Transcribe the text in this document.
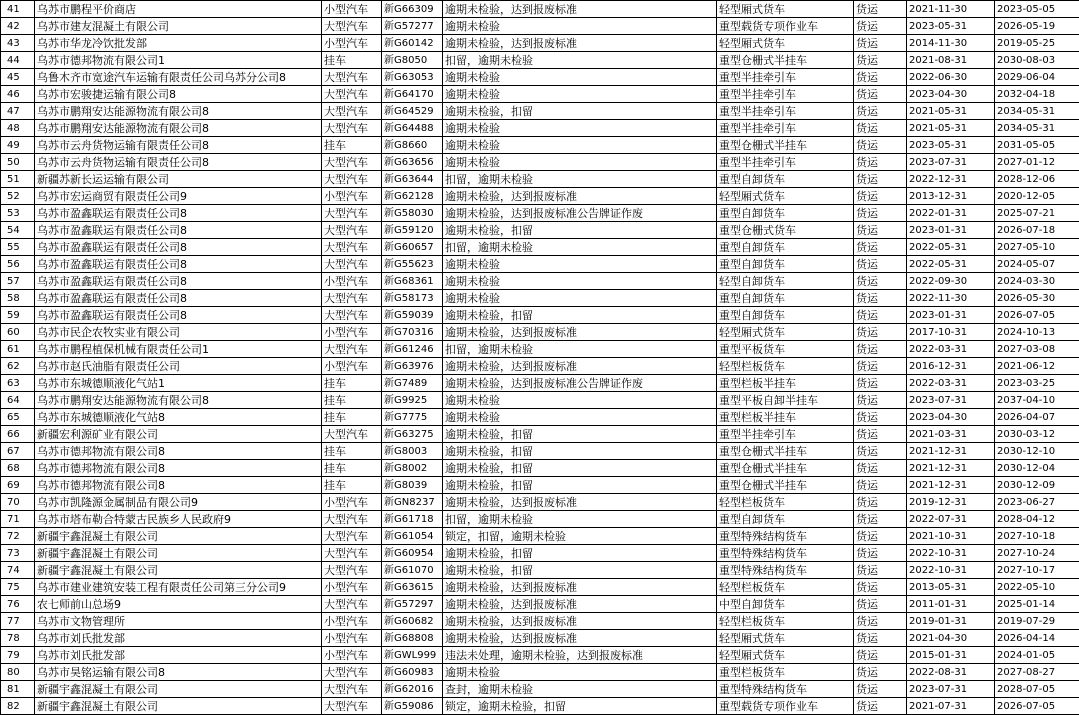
41	乌苏市鹏程平价商店	小型汽车	新G66309	逾期未检验，达到报废标准	轻型厢式货车	货运	2021-11-30	2023-05-05
42	乌苏市建友混凝土有限公司	大型汽车	新G57277	逾期未检验	重型载货专项作业车	货运	2023-05-31	2026-05-19
43	乌苏市华龙冷饮批发部	小型汽车	新G60142	逾期未检验，达到报废标准	轻型厢式货车	货运	2014-11-30	2019-05-25
44	乌苏市德邦物流有限公司1	挂车	新G8050	扣留，逾期未检验	重型仓栅式半挂车	货运	2021-08-31	2030-08-03
45	乌鲁木齐市宽途汽车运输有限责任公司乌苏分公司8	大型汽车	新G63053	逾期未检验	重型半挂牵引车	货运	2022-06-30	2029-06-04
46	乌苏市宏骏捷运输有限公司8	大型汽车	新G64170	逾期未检验	重型半挂牵引车	货运	2023-04-30	2032-04-18
47	乌苏市鹏翔安达能源物流有限公司8	大型汽车	新G64529	逾期未检验，扣留	重型半挂牵引车	货运	2021-05-31	2034-05-31
48	乌苏市鹏翔安达能源物流有限公司8	大型汽车	新G64488	逾期未检验	重型半挂牵引车	货运	2021-05-31	2034-05-31
49	乌苏市云舟货物运输有限责任公司8	挂车	新G8660	逾期未检验	重型仓栅式半挂车	货运	2023-05-31	2031-05-05
50	乌苏市云舟货物运输有限责任公司8	大型汽车	新G63656	逾期未检验	重型半挂牵引车	货运	2023-07-31	2027-01-12
51	新疆苏新长运运输有限公司	大型汽车	新G63644	扣留，逾期未检验	重型自卸货车	货运	2022-12-31	2028-12-06
52	乌苏市宏运商贸有限责任公司9	小型汽车	新G62128	逾期未检验，达到报废标准	轻型厢式货车	货运	2013-12-31	2020-12-05
53	乌苏市盈鑫联运有限责任公司8	大型汽车	新G58030	逾期未检验，达到报废标准公告牌证作废	重型自卸货车	货运	2022-01-31	2025-07-21
54	乌苏市盈鑫联运有限责任公司8	大型汽车	新G59120	逾期未检验，扣留	重型仓栅式货车	货运	2023-01-31	2026-07-18
55	乌苏市盈鑫联运有限责任公司8	大型汽车	新G60657	扣留，逾期未检验	重型自卸货车	货运	2022-05-31	2027-05-10
56	乌苏市盈鑫联运有限责任公司8	大型汽车	新G55623	逾期未检验	重型自卸货车	货运	2022-05-31	2024-05-07
57	乌苏市盈鑫联运有限责任公司8	小型汽车	新G68361	逾期未检验	轻型自卸货车	货运	2022-09-30	2024-03-30
58	乌苏市盈鑫联运有限责任公司8	大型汽车	新G58173	逾期未检验	重型自卸货车	货运	2022-11-30	2026-05-30
59	乌苏市盈鑫联运有限责任公司8	大型汽车	新G59039	逾期未检验，扣留	重型自卸货车	货运	2023-01-31	2026-07-05
60	乌苏市民企农牧实业有限公司	小型汽车	新G70316	逾期未检验，达到报废标准	轻型厢式货车	货运	2017-10-31	2024-10-13
61	乌苏市鹏程植保机械有限责任公司1	大型汽车	新G61246	扣留，逾期未检验	重型平板货车	货运	2022-03-31	2027-03-08
62	乌苏市赵氏油脂有限责任公司	小型汽车	新G63976	逾期未检验，达到报废标准	轻型栏板货车	货运	2016-12-31	2021-06-12
63	乌苏市东城德顺液化气站1	挂车	新G7489	逾期未检验，达到报废标准公告牌证作废	重型栏板半挂车	货运	2022-03-31	2023-03-25
64	乌苏市鹏翔安达能源物流有限公司8	挂车	新G9925	逾期未检验	重型平板自卸半挂车	货运	2023-07-31	2037-04-10
65	乌苏市东城德顺液化气站8	挂车	新G7775	逾期未检验	重型栏板半挂车	货运	2023-04-30	2026-04-07
66	新疆宏利源矿业有限公司	大型汽车	新G63275	逾期未检验，扣留	重型半挂牵引车	货运	2021-03-31	2030-03-12
67	乌苏市德邦物流有限公司8	挂车	新G8003	逾期未检验，扣留	重型仓栅式半挂车	货运	2021-12-31	2030-12-10
68	乌苏市德邦物流有限公司8	挂车	新G8002	逾期未检验，扣留	重型仓栅式半挂车	货运	2021-12-31	2030-12-04
69	乌苏市德邦物流有限公司8	挂车	新G8039	逾期未检验，扣留	重型仓栅式半挂车	货运	2021-12-31	2030-12-09
70	乌苏市凯隆源金属制品有限公司9	小型汽车	新GN8237	逾期未检验，达到报废标准	轻型栏板货车	货运	2019-12-31	2023-06-27
71	乌苏市塔布勒合特蒙古民族乡人民政府9	大型汽车	新G61718	扣留，逾期未检验	重型自卸货车	货运	2022-07-31	2028-04-12
72	新疆宇鑫混凝土有限公司	大型汽车	新G61054	锁定，扣留，逾期未检验	重型特殊结构货车	货运	2021-10-31	2027-10-18
73	新疆宇鑫混凝土有限公司	大型汽车	新G60954	逾期未检验，扣留	重型特殊结构货车	货运	2022-10-31	2027-10-24
74	新疆宇鑫混凝土有限公司	大型汽车	新G61070	逾期未检验，扣留	重型特殊结构货车	货运	2022-10-31	2027-10-17
75	乌苏市建业建筑安装工程有限责任公司第三分公司9	小型汽车	新G63615	逾期未检验，达到报废标准	轻型栏板货车	货运	2013-05-31	2022-05-10
76	农七师前山总场9	大型汽车	新G57297	逾期未检验，达到报废标准	中型自卸货车	货运	2011-01-31	2025-01-14
77	乌苏市文物管理所	小型汽车	新G60682	逾期未检验，达到报废标准	轻型栏板货车	货运	2019-01-31	2019-07-29
78	乌苏市刘氏批发部	小型汽车	新G68808	逾期未检验，达到报废标准	轻型厢式货车	货运	2021-04-30	2026-04-14
79	乌苏市刘氏批发部	小型汽车	新GWL999	违法未处理，逾期未检验，达到报废标准	轻型厢式货车	货运	2015-01-31	2024-01-05
80	乌苏市昊铭运输有限公司8	大型汽车	新G60983	逾期未检验	重型栏板货车	货运	2022-08-31	2027-08-27
81	新疆宇鑫混凝土有限公司	大型汽车	新G62016	查封，逾期未检验	重型特殊结构货车	货运	2023-07-31	2028-07-05
82	新疆宇鑫混凝土有限公司	大型汽车	新G59086	锁定，逾期未检验，扣留	重型载货专项作业车	货运	2021-07-31	2026-07-05
